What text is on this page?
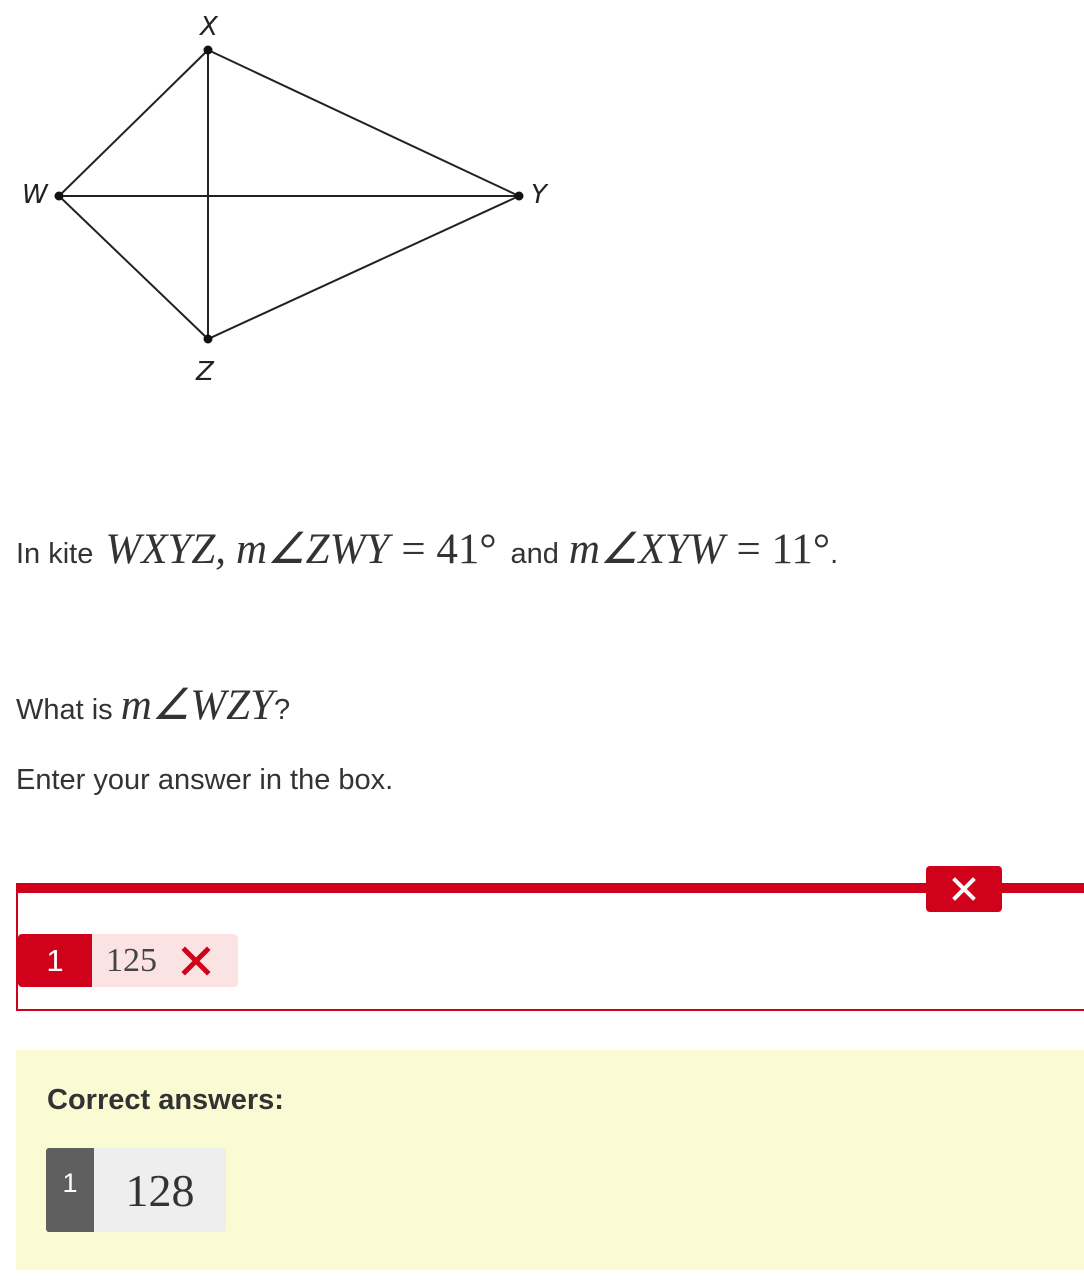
X
W	Y
Z
In kite WXYZ, m∠ZWY = 41° and m∠XYW = 11° .
What is m∠WZY ?
Enter your answer in the box.
1	125
Correct answers:
1	128
